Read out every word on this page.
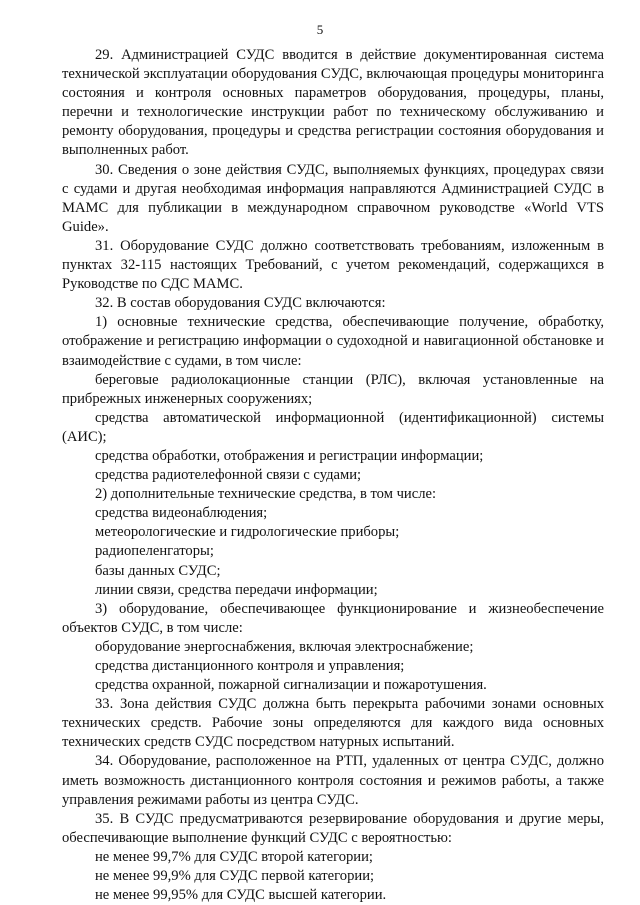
5

29. Администрацией СУДС вводится в действие документированная система технической эксплуатации оборудования СУДС, включающая процедуры мониторинга состояния и контроля основных параметров оборудования, процедуры, планы, перечни и технологические инструкции работ по техническому обслуживанию и ремонту оборудования, процедуры и средства регистрации состояния оборудования и выполненных работ.

30. Сведения о зоне действия СУДС, выполняемых функциях, процедурах связи с судами и другая необходимая информация направляются Администрацией СУДС в МАМС для публикации в международном справочном руководстве «World VTS Guide».

31. Оборудование СУДС должно соответствовать требованиям, изложенным в пунктах 32-115 настоящих Требований, с учетом рекомендаций, содержащихся в Руководстве по СДС МАМС.

32. В состав оборудования СУДС включаются:

1) основные технические средства, обеспечивающие получение, обработку, отображение и регистрацию информации о судоходной и навигационной обстановке и взаимодействие с судами, в том числе:

береговые радиолокационные станции (РЛС), включая установленные на прибрежных инженерных сооружениях;

средства автоматической информационной (идентификационной) системы (АИС);

средства обработки, отображения и регистрации информации;

средства радиотелефонной связи с судами;

2) дополнительные технические средства, в том числе:

средства видеонаблюдения;

метеорологические и гидрологические приборы;

радиопеленгаторы;

базы данных СУДС;

линии связи, средства передачи информации;

3) оборудование, обеспечивающее функционирование и жизнеобеспечение объектов СУДС, в том числе:

оборудование энергоснабжения, включая электроснабжение;

средства дистанционного контроля и управления;

средства охранной, пожарной сигнализации и пожаротушения.

33. Зона действия СУДС должна быть перекрыта рабочими зонами основных технических средств. Рабочие зоны определяются для каждого вида основных технических средств СУДС посредством натурных испытаний.

34. Оборудование, расположенное на РТП, удаленных от центра СУДС, должно иметь возможность дистанционного контроля состояния и режимов работы, а также управления режимами работы из центра СУДС.

35. В СУДС предусматриваются резервирование оборудования и другие меры, обеспечивающие выполнение функций СУДС с вероятностью:

не менее 99,7% для СУДС второй категории;

не менее 99,9% для СУДС первой категории;

не менее 99,95% для СУДС высшей категории.
